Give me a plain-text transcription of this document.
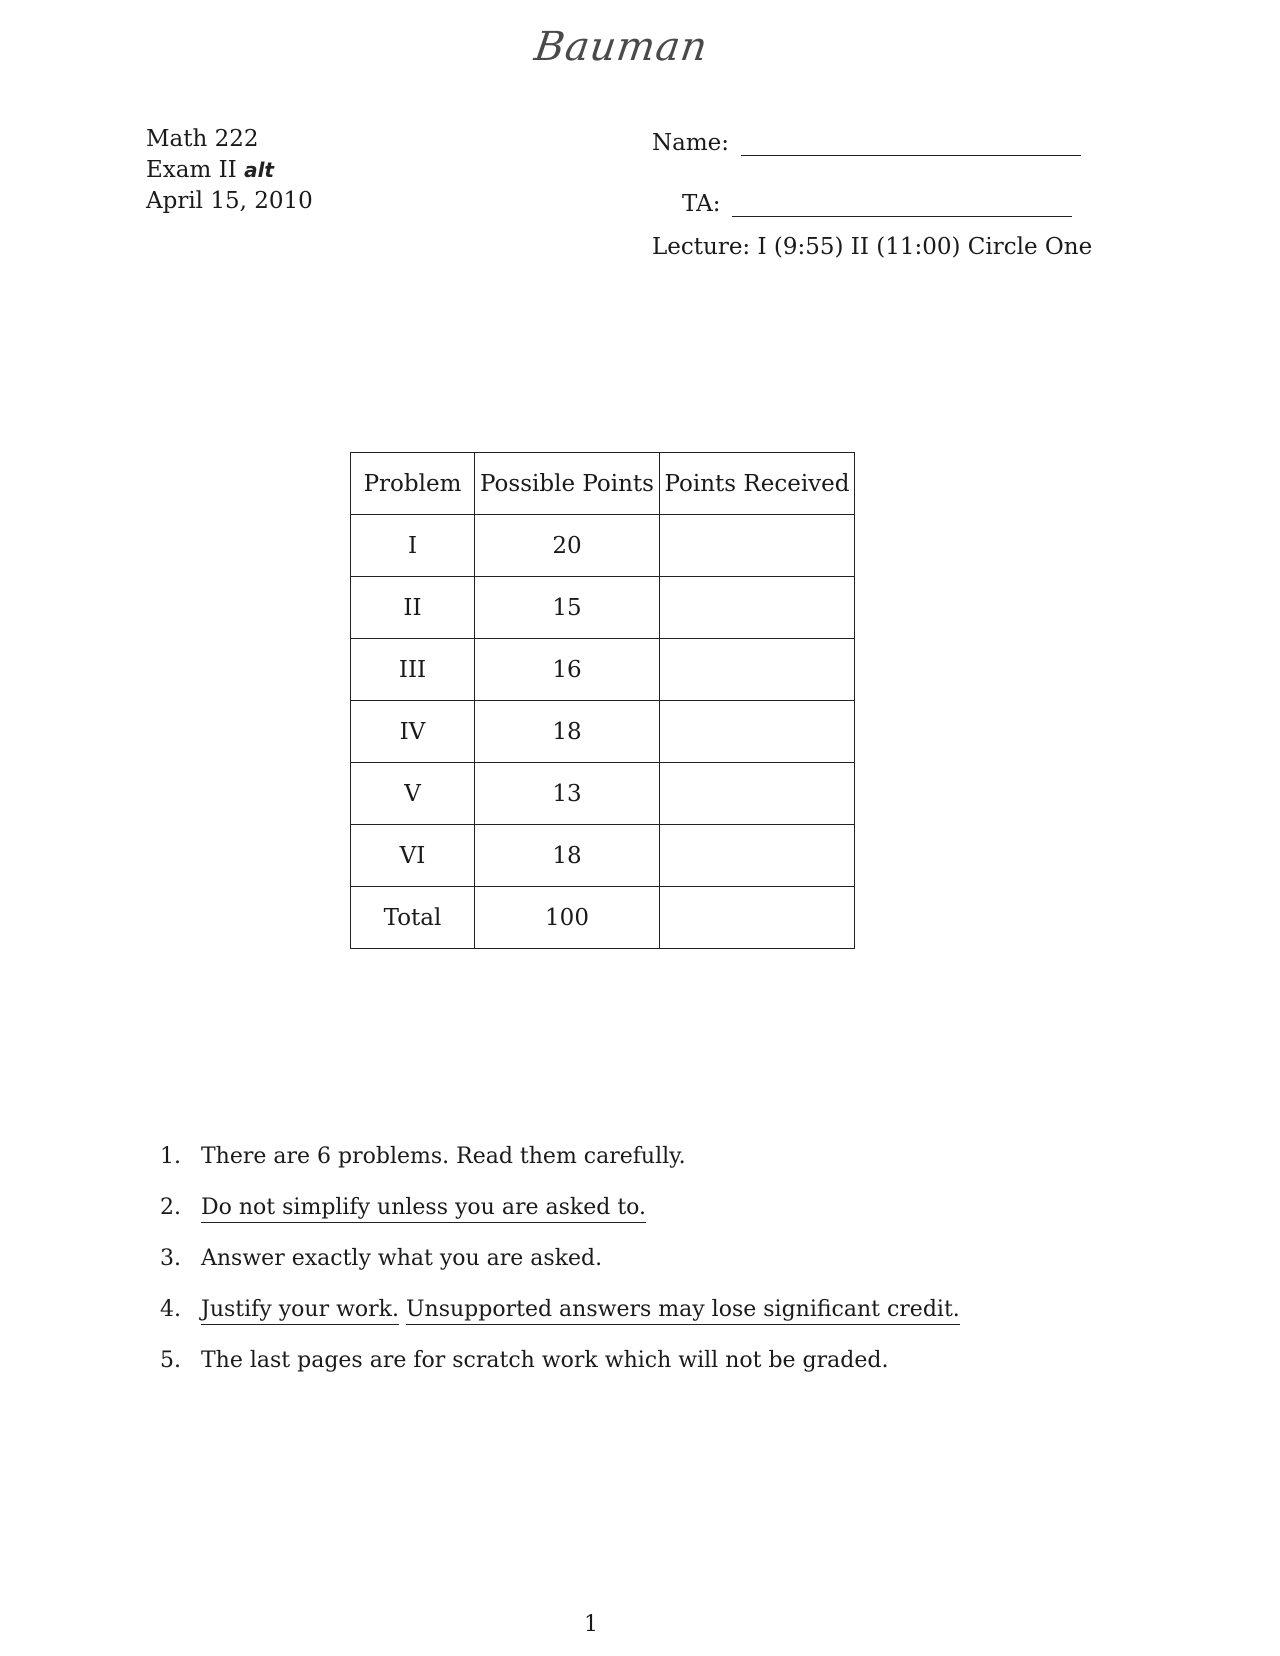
Bauman
Math 222
Exam II alt
April 15, 2010
Name:
TA:
Lecture: I (9:55) II (11:00) Circle One
Problem	Possible Points	Points Received
I	20	
II	15	
III	16	
IV	18	
V	13	
VI	18	
Total	100	
1. There are 6 problems. Read them carefully.
2. Do not simplify unless you are asked to.
3. Answer exactly what you are asked.
4. Justify your work. Unsupported answers may lose significant credit.
5. The last pages are for scratch work which will not be graded.
1
